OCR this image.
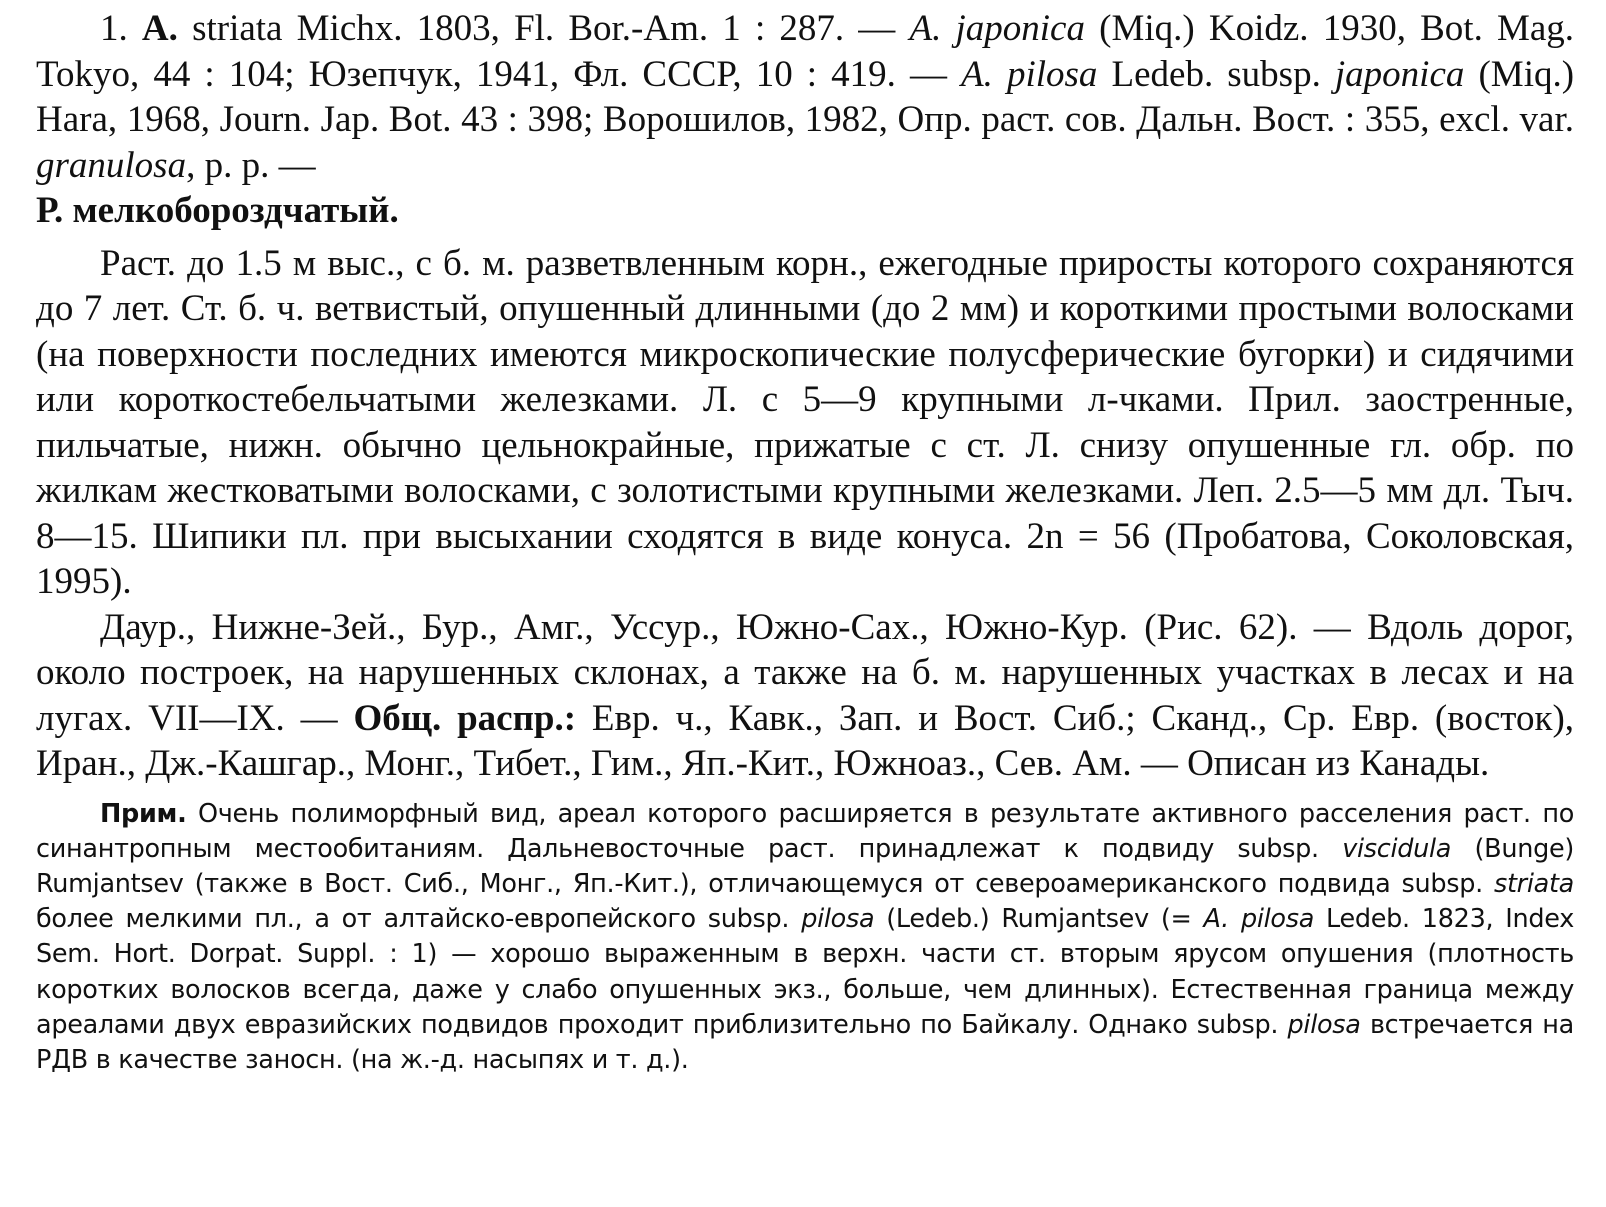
1. A. striata Michx. 1803, Fl. Bor.-Am. 1 : 287. — A. japonica (Miq.) Koidz. 1930, Bot. Mag. Tokyo, 44 : 104; Юзепчук, 1941, Фл. СССР, 10 : 419. — A. pilosa Ledeb. subsp. japonica (Miq.) Hara, 1968, Journ. Jap. Bot. 43 : 398; Ворошилов, 1982, Опр. раст. сов. Дальн. Вост. : 355, excl. var. granulosa, p. p. —
Р. мелкобороздчатый.

Раст. до 1.5 м выс., с б. м. разветвленным корн., ежегодные приросты которого сохраняются до 7 лет. Ст. б. ч. ветвистый, опушенный длинными (до 2 мм) и короткими простыми волосками (на поверхности последних имеются микроскопические полусферические бугорки) и сидячими или короткостебельчатыми железками. Л. с 5—9 крупными л-чками. Прил. заостренные, пильчатые, нижн. обычно цельнокрайные, прижатые с ст. Л. снизу опушенные гл. обр. по жилкам жестковатыми волосками, с золотистыми крупными железками. Леп. 2.5—5 мм дл. Тыч. 8—15. Шипики пл. при высыхании сходятся в виде конуса. 2n = 56 (Пробатова, Соколовская, 1995).

Даур., Нижне-Зей., Бур., Амг., Уссур., Южно-Сах., Южно-Кур. (Рис. 62). — Вдоль дорог, около построек, на нарушенных склонах, а также на б. м. нарушенных участках в лесах и на лугах. VII—IX. — Общ. распр.: Евр. ч., Кавк., Зап. и Вост. Сиб.; Сканд., Ср. Евр. (восток), Иран., Дж.-Кашгар., Монг., Тибет., Гим., Яп.-Кит., Южноаз., Сев. Ам. — Описан из Канады.

Прим. Очень полиморфный вид, ареал которого расширяется в результате активного расселения раст. по синантропным местообитаниям. Дальневосточные раст. принадлежат к подвиду subsp. viscidula (Bunge) Rumjantsev (также в Вост. Сиб., Монг., Яп.-Кит.), отличающемуся от североамериканского подвида subsp. striata более мелкими пл., а от алтайско-европейского subsp. pilosa (Ledeb.) Rumjantsev (= A. pilosa Ledeb. 1823, Index Sem. Hort. Dorpat. Suppl. : 1) — хорошо выраженным в верхн. части ст. вторым ярусом опушения (плотность коротких волосков всегда, даже у слабо опушенных экз., больше, чем длинных). Естественная граница между ареалами двух евразийских подвидов проходит приблизительно по Байкалу. Однако subsp. pilosa встречается на РДВ в качестве заносн. (на ж.-д. насыпях и т. д.).
